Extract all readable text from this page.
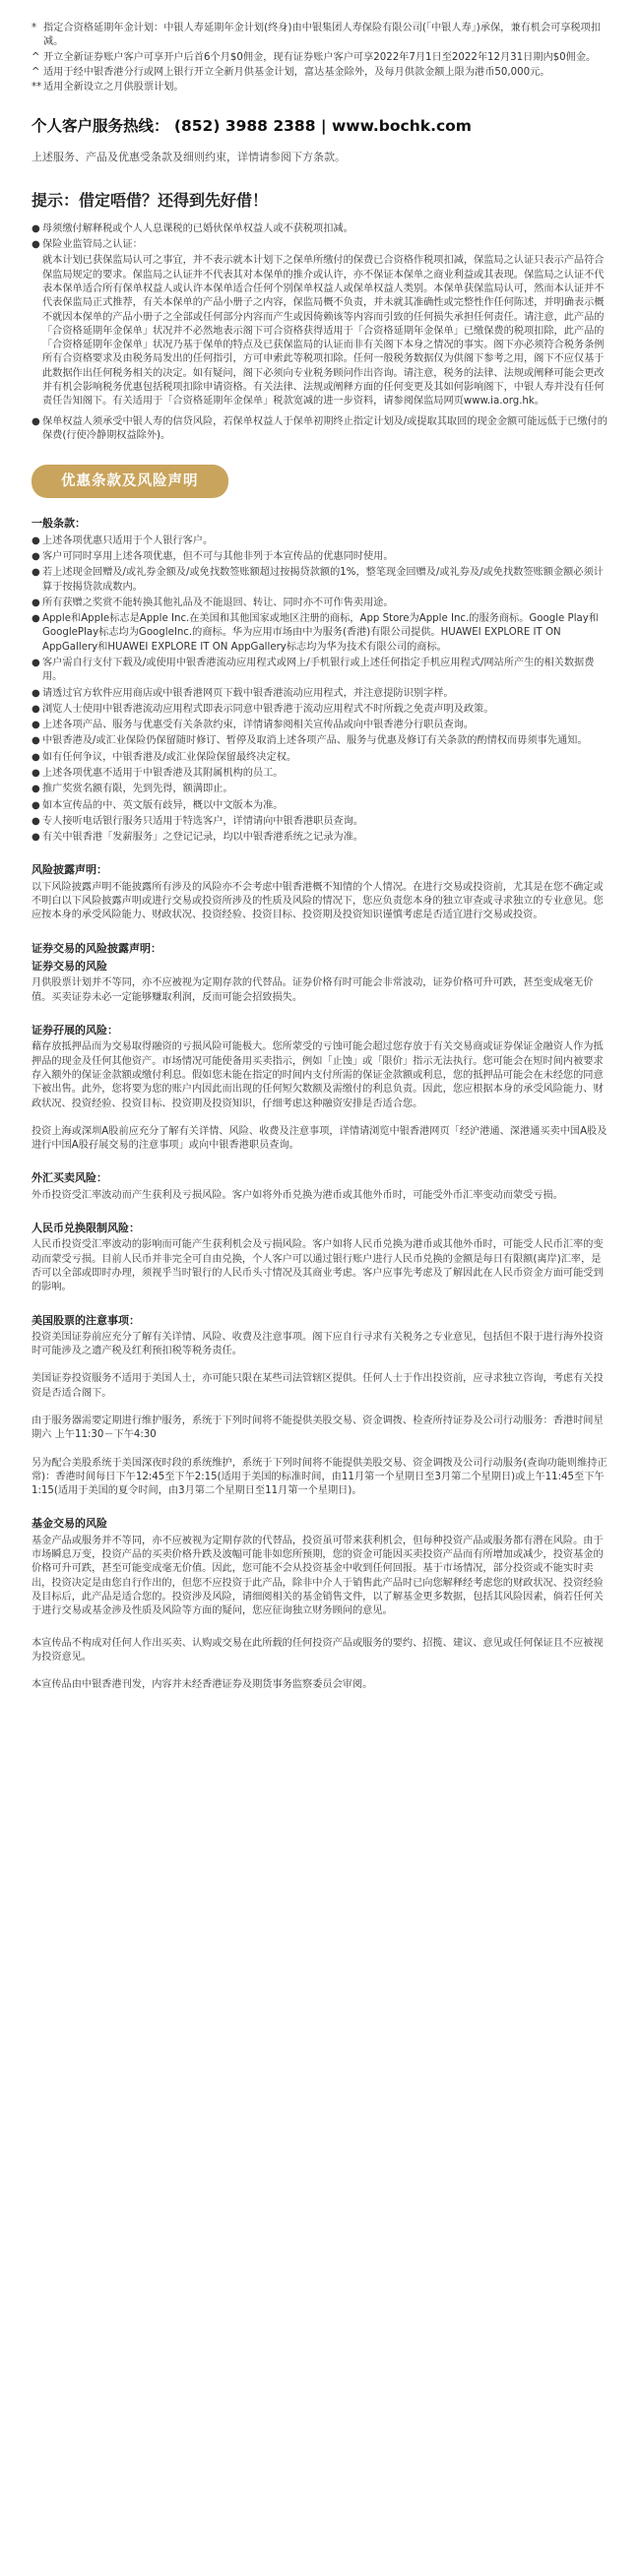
* 指定合资格延期年金计划：中银人寿延期年金计划(终身)由中银集团人寿保险有限公司(「中银人寿」)承保，兼有机会可享税项扣减。
^ 开立全新证券账户客户可享开户后首6个月$0佣金，现有证券账户客户可享2022年7月1日至2022年12月31日期内$0佣金。
^ 适用于经中银香港分行或网上银行开立全新月供基金计划，富达基金除外，及每月供款金额上限为港币50,000元。
** 适用全新设立之月供股票计划。
个人客户服务热线： (852) 3988 2388 | www.bochk.com
上述服务、产品及优惠受条款及细则约束，详情请参阅下方条款。
提示：借定唔借？还得到先好借！
● 母须缴付解释税或个人人息课税的已婚伙保单权益人或不获税项扣减。
● 保险业监管局之认证：
就本计划已获保监局认可之事宜，并不表示就本计划下之保单所缴付的保费已合资格作税项扣减，保监局之认证只表示产品符合保监局规定的要求。保监局之认证并不代表其对本保单的推介或认许，亦不保证本保单之商业利益或其表现。保监局之认证不代表本保单适合所有保单权益人或认许本保单适合任何个别保单权益人或保单权益人类别。本保单获保监局认可，然而本认证并不代表保监局正式推荐，有关本保单的产品小册子之内容，保监局概不负责，并未就其准确性或完整性作任何陈述，并明确表示概不就因本保单的产品小册子之全部或任何部分内容而产生或因倚赖该等内容而引致的任何损失承担任何责任。请注意，此产品的「合资格延期年金保单」状况并不必然地表示阁下可合资格获得适用于「合资格延期年金保单」已缴保费的税项扣除，此产品的「合资格延期年金保单」状况乃基于保单的特点及已获保监局的认证而非有关阁下本身之情况的事实。阁下亦必须符合税务条例所有合资格要求及由税务局发出的任何指引，方可申索此等税项扣除。任何一般税务数据仅为供阁下参考之用，阁下不应仅基于此数据作出任何税务相关的决定。如有疑问，阁下必须向专业税务顾问作出咨询。请注意，税务的法律、法规或阐释可能会更改并有机会影响税务优惠包括税项扣除申请资格。有关法律、法规或阐释方面的任何变更及其如何影响阁下，中银人寿并没有任何责任告知阁下。有关适用于「合资格延期年金保单」税款宽减的进一步资料，请参阅保监局网页www.ia.org.hk。
● 保单权益人须承受中银人寿的信贷风险，若保单权益人于保单初期终止指定计划及/或提取其取回的现金金额可能远低于已缴付的保费(行使冷静期权益除外)。
优惠条款及风险声明
一般条款：
● 上述各项优惠只适用于个人银行客户。
● 客户可同时享用上述各项优惠，但不可与其他非列于本宣传品的优惠同时使用。
● 若上述现金回赠及/或礼券金额及/或免找数签账额超过按揭贷款额的1%，整笔现金回赠及/或礼券及/或免找数签账额金额必须计算于按揭贷款成数内。
● 所有获赠之奖赏不能转换其他礼品及不能退回、转让、同时亦不可作售卖用途。
● Apple和Apple标志是Apple Inc.在美国和其他国家或地区注册的商标，App Store为Apple Inc.的服务商标。Google Play和GooglePlay标志均为GoogleInc.的商标。华为应用市场由中为服务(香港)有限公司提供。HUAWEI EXPLORE IT ON AppGallery和HUAWEI EXPLORE IT ON AppGallery标志均为华为技术有限公司的商标。
● 客户需自行支付下载及/或使用中银香港流动应用程式或网上/手机银行或上述任何指定手机应用程式/网站所产生的相关数据费用。
● 请透过官方软件应用商店或中银香港网页下载中银香港流动应用程式，并注意提防识别字样。
● 浏览人士使用中银香港流动应用程式即表示同意中银香港于流动应用程式不时所载之免责声明及政策。
● 上述各项产品、服务与优惠受有关条款约束，详情请参阅相关宣传品或向中银香港分行职员查询。
● 中银香港及/或汇业保险仍保留随时修订、暂停及取消上述各项产品、服务与优惠及修订有关条款的酌情权而毋须事先通知。
● 如有任何争议，中银香港及/或汇业保险保留最终决定权。
● 上述各项优惠不适用于中银香港及其附属机构的员工。
● 推广奖赏名额有限，先到先得，额满即止。
● 如本宣传品的中、英文版有歧异，概以中文版本为准。
● 专人接听电话银行服务只适用于特选客户，详情请向中银香港职员查询。
● 有关中银香港「发薪服务」之登记记录，均以中银香港系统之记录为准。
风险披露声明：
以下风险披露声明不能披露所有涉及的风险亦不会考虑中银香港概不知情的个人情况。在进行交易或投资前，尤其是在您不确定或不明白以下风险披露声明或进行交易或投资所涉及的性质及风险的情况下，您应负责您本身的独立审查或寻求独立的专业意见。您应按本身的承受风险能力、财政状况、投资经验、投资目标、投资期及投资知识谨慎考虑是否适宜进行交易或投资。
证券交易的风险披露声明：
证券交易的风险
月供股票计划并不等同，亦不应被视为定期存款的代替品。证券价格有时可能会非常波动，证券价格可升可跌，甚至变成毫无价值。买卖证券未必一定能够赚取利润，反而可能会招致损失。
证券孖展的风险：
藉存放抵押品而为交易取得融资的亏损风险可能极大。您所蒙受的亏蚀可能会超过您存放于有关交易商或证券保证金融资人作为抵押品的现金及任何其他资产。市场情况可能使备用买卖指示，例如「止蚀」或「限价」指示无法执行。您可能会在短时间内被要求存入额外的保证金款额或缴付利息。假如您未能在指定的时间内支付所需的保证金款额或利息，您的抵押品可能会在未经您的同意下被出售。此外，您将要为您的账户内因此而出现的任何短欠数额及需缴付的利息负责。因此，您应根据本身的承受风险能力、财政状况、投资经验、投资目标、投资期及投资知识，仔细考虑这种融资安排是否适合您。
投资上海或深圳A股前应充分了解有关详情、风险、收费及注意事项，详情请浏览中银香港网页「经沪港通、深港通买卖中国A股及进行中国A股孖展交易的注意事项」或向中银香港职员查询。
外汇买卖风险：
外币投资受汇率波动而产生获利及亏损风险。客户如将外币兑换为港币或其他外币时，可能受外币汇率变动而蒙受亏损。
人民币兑换限制风险：
人民币投资受汇率波动的影响而可能产生获利机会及亏损风险。客户如将人民币兑换为港币或其他外币时，可能受人民币汇率的变动而蒙受亏损。目前人民币并非完全可自由兑换，个人客户可以通过银行账户进行人民币兑换的金额是每日有限额(离岸)汇率，是否可以全部或即时办理，须视乎当时银行的人民币头寸情况及其商业考虑。客户应事先考虑及了解因此在人民币资金方面可能受到的影响。
美国股票的注意事项：
投资美国证券前应充分了解有关详情、风险、收费及注意事项。阁下应自行寻求有关税务之专业意见，包括但不限于进行海外投资时可能涉及之遗产税及红利预扣税等税务责任。
美国证券投资服务不适用于美国人士，亦可能只限在某些司法管辖区提供。任何人士于作出投资前，应寻求独立咨询，考虑有关投资是否适合阁下。
由于服务器需要定期进行维护服务，系统于下列时间将不能提供美股交易、资金调拨、检查所持证券及公司行动服务：香港时间星期六 上午11:30－下午4:30
另为配合美股系统于美国深夜时段的系统维护，系统于下列时间将不能提供美股交易、资金调拨及公司行动服务(查询功能则维持正常)：香港时间每日下午12:45至下午2:15(适用于美国的标准时间，由11月第一个星期日至3月第二个星期日)或上午11:45至下午1:15(适用于美国的夏令时间，由3月第二个星期日至11月第一个星期日)。
基金交易的风险
基金产品或服务并不等同，亦不应被视为定期存款的代替品，投资虽可带来获利机会，但每种投资产品或服务都有潜在风险。由于市场瞬息万变，投资产品的买卖价格升跌及波幅可能非如您所预期，您的资金可能因买卖投资产品而有所增加或减少，投资基金的价格可升可跌，甚至可能变成毫无价值。因此，您可能不会从投资基金中收到任何回报。基于市场情况，部分投资或不能实时卖出，投资决定是由您自行作出的，但您不应投资于此产品，除非中介人于销售此产品时已向您解释经考虑您的财政状况、投资经验及目标后，此产品是适合您的。投资涉及风险，请细阅相关的基金销售文件，以了解基金更多数据，包括其风险因素，倘若任何关于进行交易或基金涉及性质及风险等方面的疑问，您应征询独立财务顾问的意见。
本宣传品不构成对任何人作出买卖、认购或交易在此所载的任何投资产品或服务的要约、招揽、建议、意见或任何保证且不应被视为投资意见。
本宣传品由中银香港刊发，内容并未经香港证券及期货事务监察委员会审阅。
